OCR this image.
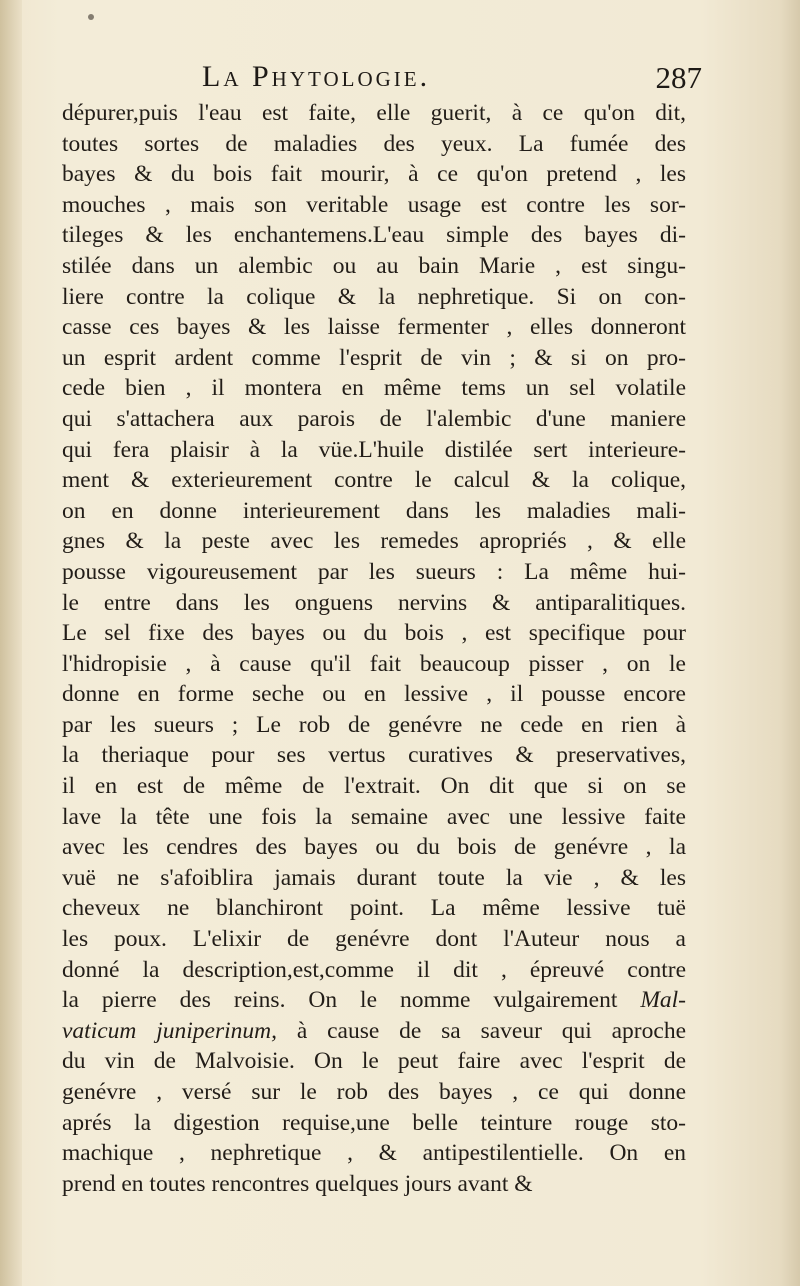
La Phytologie.	287
dépurer,puis l'eau est faite, elle guerit, à ce qu'on dit,
toutes sortes de maladies des yeux. La fumée des
bayes & du bois fait mourir, à ce qu'on pretend , les
mouches , mais son veritable usage est contre les sor-
tileges & les enchantemens.L'eau simple des bayes di-
stilée dans un alembic ou au bain Marie , est singu-
liere contre la colique & la nephretique. Si on con-
casse ces bayes & les laisse fermenter , elles donneront
un esprit ardent comme l'esprit de vin ; & si on pro-
cede bien , il montera en même tems un sel volatile
qui s'attachera aux parois de l'alembic d'une maniere
qui fera plaisir à la vüe.L'huile distilée sert interieure-
ment & exterieurement contre le calcul & la colique,
on en donne interieurement dans les maladies mali-
gnes & la peste avec les remedes apropriés , & elle
pousse vigoureusement par les sueurs : La même hui-
le entre dans les onguens nervins & antiparalitiques.
Le sel fixe des bayes ou du bois , est specifique pour
l'hidropisie , à cause qu'il fait beaucoup pisser , on le
donne en forme seche ou en lessive , il pousse encore
par les sueurs ; Le rob de genévre ne cede en rien à
la theriaque pour ses vertus curatives & preservatives,
il en est de même de l'extrait. On dit que si on se
lave la tête une fois la semaine avec une lessive faite
avec les cendres des bayes ou du bois de genévre , la
vuë ne s'afoiblira jamais durant toute la vie , & les
cheveux ne blanchiront point. La même lessive tuë
les poux. L'elixir de genévre dont l'Auteur nous a
donné la description,est,comme il dit , épreuvé contre
la pierre des reins. On le nomme vulgairement Mal-
vaticum juniperinum, à cause de sa saveur qui aproche
du vin de Malvoisie. On le peut faire avec l'esprit de
genévre , versé sur le rob des bayes , ce qui donne
aprés la digestion requise,une belle teinture rouge sto-
machique , nephretique , & antipestilentielle. On en
prend en toutes rencontres quelques jours avant &
